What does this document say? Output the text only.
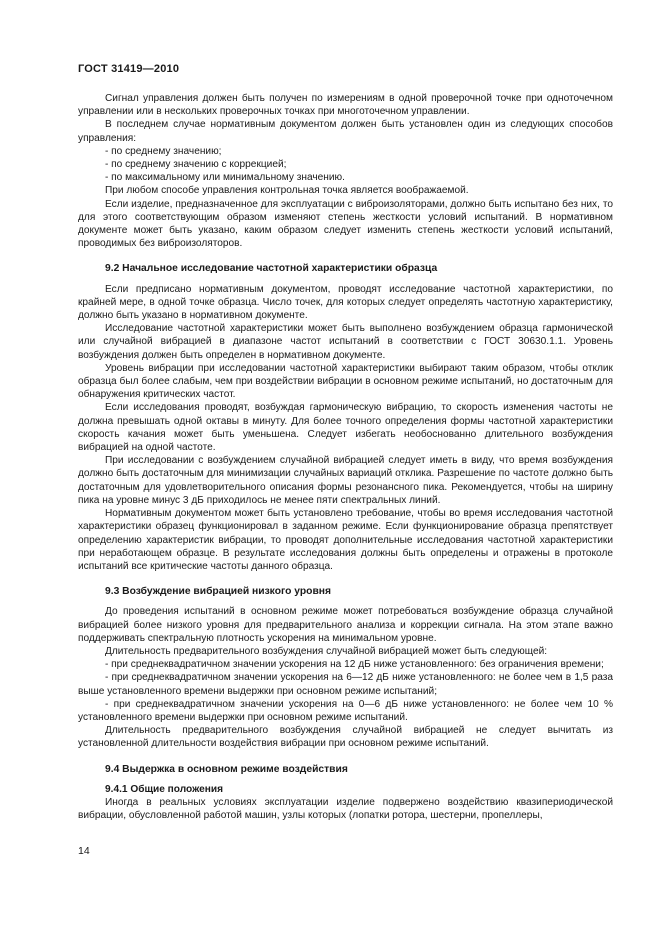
ГОСТ 31419—2010

Сигнал управления должен быть получен по измерениям в одной проверочной точке при одноточечном управлении или в нескольких проверочных точках при многоточечном управлении.

В последнем случае нормативным документом должен быть установлен один из следующих способов управления:

- по среднему значению;

- по среднему значению с коррекцией;

- по максимальному или минимальному значению.

При любом способе управления контрольная точка является воображаемой.

Если изделие, предназначенное для эксплуатации с виброизоляторами, должно быть испытано без них, то для этого соответствующим образом изменяют степень жесткости условий испытаний. В нормативном документе может быть указано, каким образом следует изменить степень жесткости условий испытаний, проводимых без виброизоляторов.

9.2 Начальное исследование частотной характеристики образца

Если предписано нормативным документом, проводят исследование частотной характеристики, по крайней мере, в одной точке образца. Число точек, для которых следует определять частотную характеристику, должно быть указано в нормативном документе.

Исследование частотной характеристики может быть выполнено возбуждением образца гармонической или случайной вибрацией в диапазоне частот испытаний в соответствии с ГОСТ 30630.1.1. Уровень возбуждения должен быть определен в нормативном документе.

Уровень вибрации при исследовании частотной характеристики выбирают таким образом, чтобы отклик образца был более слабым, чем при воздействии вибрации в основном режиме испытаний, но достаточным для обнаружения критических частот.

Если исследования проводят, возбуждая гармоническую вибрацию, то скорость изменения частоты не должна превышать одной октавы в минуту. Для более точного определения формы частотной характеристики скорость качания может быть уменьшена. Следует избегать необоснованно длительного возбуждения вибрацией на одной частоте.

При исследовании с возбуждением случайной вибрацией следует иметь в виду, что время возбуждения должно быть достаточным для минимизации случайных вариаций отклика. Разрешение по частоте должно быть достаточным для удовлетворительного описания формы резонансного пика. Рекомендуется, чтобы на ширину пика на уровне минус 3 дБ приходилось не менее пяти спектральных линий.

Нормативным документом может быть установлено требование, чтобы во время исследования частотной характеристики образец функционировал в заданном режиме. Если функционирование образца препятствует определению характеристик вибрации, то проводят дополнительные исследования частотной характеристики при неработающем образце. В результате исследования должны быть определены и отражены в протоколе испытаний все критические частоты данного образца.

9.3 Возбуждение вибрацией низкого уровня

До проведения испытаний в основном режиме может потребоваться возбуждение образца случайной вибрацией более низкого уровня для предварительного анализа и коррекции сигнала. На этом этапе важно поддерживать спектральную плотность ускорения на минимальном уровне.

Длительность предварительного возбуждения случайной вибрацией может быть следующей:

- при среднеквадратичном значении ускорения на 12 дБ ниже установленного: без ограничения времени;

- при среднеквадратичном значении ускорения на 6—12 дБ ниже установленного: не более чем в 1,5 раза выше установленного времени выдержки при основном режиме испытаний;

- при среднеквадратичном значении ускорения на 0—6 дБ ниже установленного: не более чем 10 % установленного времени выдержки при основном режиме испытаний.

Длительность предварительного возбуждения случайной вибрацией не следует вычитать из установленной длительности воздействия вибрации при основном режиме испытаний.

9.4 Выдержка в основном режиме воздействия

9.4.1 Общие положения

Иногда в реальных условиях эксплуатации изделие подвержено воздействию квазипериодической вибрации, обусловленной работой машин, узлы которых (лопатки ротора, шестерни, пропеллеры,

14
